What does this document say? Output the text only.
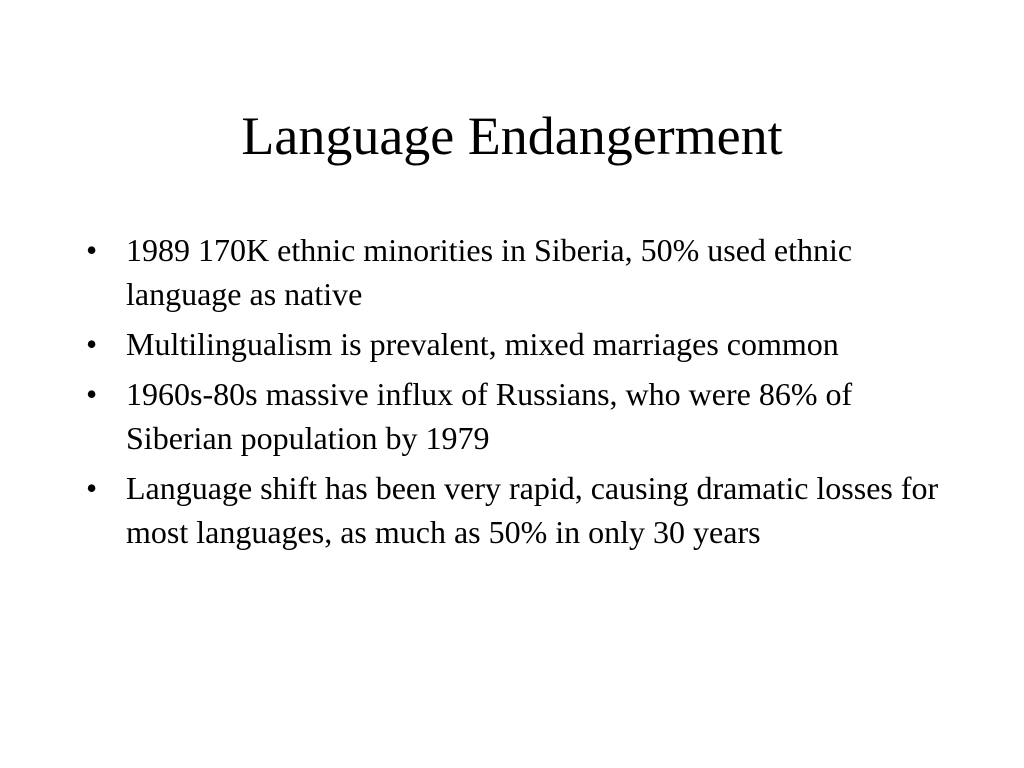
Language Endangerment
• 1989 170K ethnic minorities in Siberia, 50% used ethnic language as native
• Multilingualism is prevalent, mixed marriages common
• 1960s-80s massive influx of Russians, who were 86% of Siberian population by 1979
• Language shift has been very rapid, causing dramatic losses for most languages, as much as 50% in only 30 years
